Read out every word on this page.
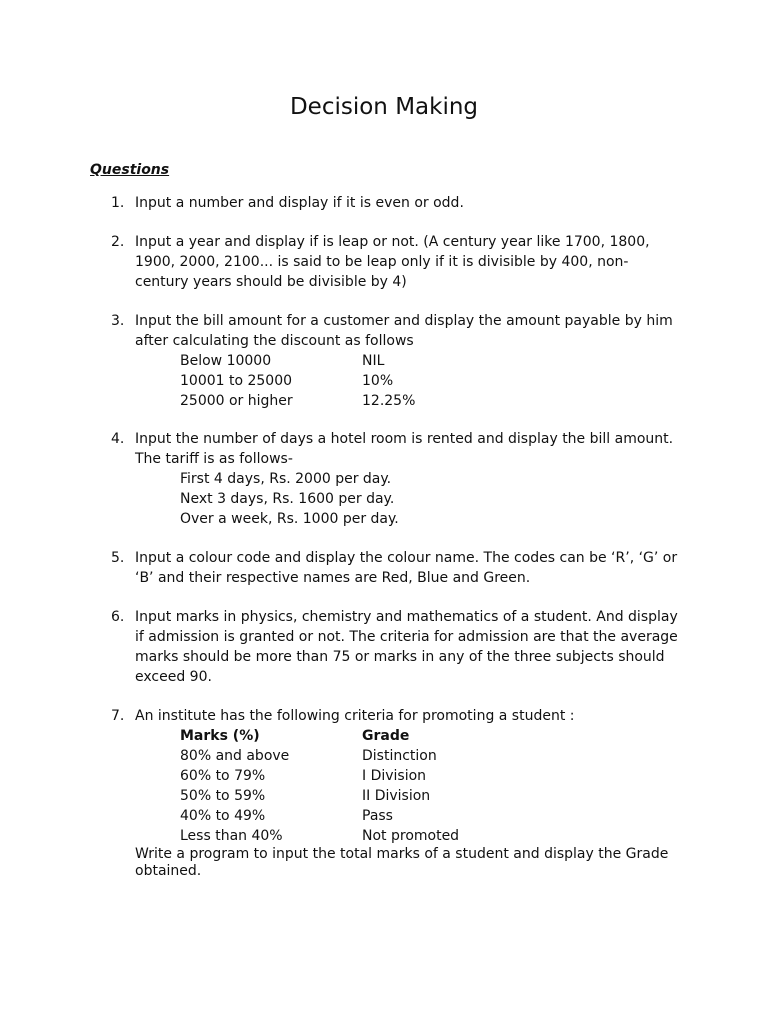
Decision Making
Questions
1. Input a number and display if it is even or odd.
2. Input a year and display if is leap or not. (A century year like 1700, 1800,
1900, 2000, 2100... is said to be leap only if it is divisible by 400, non-
century years should be divisible by 4)
3. Input the bill amount for a customer and display the amount payable by him
after calculating the discount as follows
Below 10000	NIL
10001 to 25000	10%
25000 or higher	12.25%
4. Input the number of days a hotel room is rented and display the bill amount.
The tariff is as follows-
First 4 days, Rs. 2000 per day.
Next 3 days, Rs. 1600 per day.
Over a week, Rs. 1000 per day.
5. Input a colour code and display the colour name. The codes can be ‘R’, ‘G’ or
‘B’ and their respective names are Red, Blue and Green.
6. Input marks in physics, chemistry and mathematics of a student. And display
if admission is granted or not. The criteria for admission are that the average
marks should be more than 75 or marks in any of the three subjects should
exceed 90.
7. An institute has the following criteria for promoting a student :
Marks (%)	Grade
80% and above	Distinction
60% to 79%	I Division
50% to 59%	II Division
40% to 49%	Pass
Less than 40%	Not promoted
Write a program to input the total marks of a student and display the Grade
obtained.
